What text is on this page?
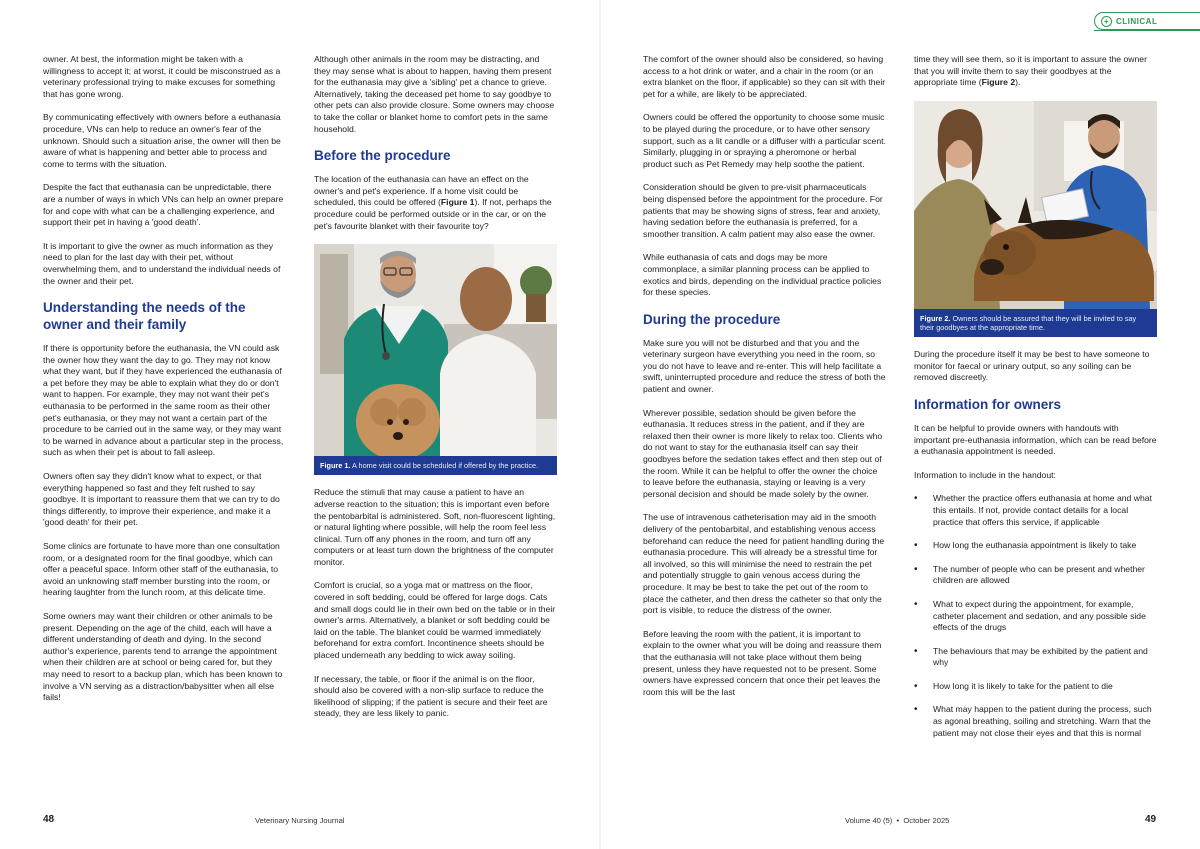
+ CLINICAL

owner. At best, the information might be taken with a willingness to accept it; at worst, it could be misconstrued as a veterinary professional trying to make excuses for something that has gone wrong.

By communicating effectively with owners before a euthanasia procedure, VNs can help to reduce an owner's fear of the unknown. Should such a situation arise, the owner will then be aware of what is happening and better able to process and come to terms with the situation.

Despite the fact that euthanasia can be unpredictable, there are a number of ways in which VNs can help an owner prepare for and cope with what can be a challenging experience, and support their pet in having a 'good death'.

It is important to give the owner as much information as they need to plan for the last day with their pet, without overwhelming them, and to understand the individual needs of the owner and their pet.

Understanding the needs of the owner and their family

If there is opportunity before the euthanasia, the VN could ask the owner how they want the day to go. They may not know what they want, but if they have experienced the euthanasia of a pet before they may be able to explain what they do or don't want to happen. For example, they may not want their pet's euthanasia to be performed in the same room as their other pet's euthanasia, or they may not want a certain part of the procedure to be carried out in the same way, or they may want to be warned in advance about a particular step in the process, such as when their pet is about to fall asleep.

Owners often say they didn't know what to expect, or that everything happened so fast and they felt rushed to say goodbye. It is important to reassure them that we can try to do things differently, to improve their experience, and make it a 'good death' for their pet.

Some clinics are fortunate to have more than one consultation room, or a designated room for the final goodbye, which can offer a peaceful space. Inform other staff of the euthanasia, to avoid an unknowing staff member bursting into the room, or hearing laughter from the lunch room, at this delicate time.

Some owners may want their children or other animals to be present. Depending on the age of the child, each will have a different understanding of death and dying. In the second author's experience, parents tend to arrange the appointment when their children are at school or being cared for, but they may need to resort to a backup plan, which has been known to involve a VN serving as a distraction/babysitter when all else fails!

Although other animals in the room may be distracting, and they may sense what is about to happen, having them present for the euthanasia may give a 'sibling' pet a chance to grieve. Alternatively, taking the deceased pet home to say goodbye to other pets can also provide closure. Some owners may choose to take the collar or blanket home to comfort pets in the same household.

Before the procedure

The location of the euthanasia can have an effect on the owner's and pet's experience. If a home visit could be scheduled, this could be offered (Figure 1). If not, perhaps the procedure could be performed outside or in the car, or on the pet's favourite blanket with their favourite toy?

Figure 1. A home visit could be scheduled if offered by the practice.

Reduce the stimuli that may cause a patient to have an adverse reaction to the situation; this is important even before the pentobarbital is administered. Soft, non-fluorescent lighting, or natural lighting where possible, will help the room feel less clinical. Turn off any phones in the room, and turn off any computers or at least turn down the brightness of the computer monitor.

Comfort is crucial, so a yoga mat or mattress on the floor, covered in soft bedding, could be offered for large dogs. Cats and small dogs could lie in their own bed on the table or in their owner's arms. Alternatively, a blanket or soft bedding could be laid on the table. The blanket could be warmed immediately beforehand for extra comfort. Incontinence sheets should be placed underneath any bedding to wick away soiling.

If necessary, the table, or floor if the animal is on the floor, should also be covered with a non-slip surface to reduce the likelihood of slipping; if the patient is secure and their feet are steady, they are less likely to panic.

The comfort of the owner should also be considered, so having access to a hot drink or water, and a chair in the room (or an extra blanket on the floor, if applicable) so they can sit with their pet for a while, are likely to be appreciated.

Owners could be offered the opportunity to choose some music to be played during the procedure, or to have other sensory support, such as a lit candle or a diffuser with a particular scent. Similarly, plugging in or spraying a pheromone or herbal product such as Pet Remedy may help soothe the patient.

Consideration should be given to pre-visit pharmaceuticals being dispensed before the appointment for the procedure. For patients that may be showing signs of stress, fear and anxiety, having sedation before the euthanasia is preferred, for a smoother transition. A calm patient may also ease the owner.

While euthanasia of cats and dogs may be more commonplace, a similar planning process can be applied to exotics and birds, depending on the individual practice policies for these species.

During the procedure

Make sure you will not be disturbed and that you and the veterinary surgeon have everything you need in the room, so you do not have to leave and re-enter. This will help facilitate a swift, uninterrupted procedure and reduce the stress of both the patient and owner.

Wherever possible, sedation should be given before the euthanasia. It reduces stress in the patient, and if they are relaxed then their owner is more likely to relax too. Clients who do not want to stay for the euthanasia itself can say their goodbyes before the sedation takes effect and then step out of the room. While it can be helpful to offer the owner the choice to leave before the euthanasia, staying or leaving is a very personal decision and should be made solely by the owner.

The use of intravenous catheterisation may aid in the smooth delivery of the pentobarbital, and establishing venous access beforehand can reduce the need for patient handling during the euthanasia procedure. This will already be a stressful time for all involved, so this will minimise the need to restrain the pet and potentially struggle to gain venous access during the procedure. It may be best to take the pet out of the room to place the catheter, and then dress the catheter so that only the port is visible, to reduce the distress of the owner.

Before leaving the room with the patient, it is important to explain to the owner what you will be doing and reassure them that the euthanasia will not take place without them being present, unless they have requested not to be present. Some owners have expressed concern that once their pet leaves the room this will be the last

time they will see them, so it is important to assure the owner that you will invite them to say their goodbyes at the appropriate time (Figure 2).

Figure 2. Owners should be assured that they will be invited to say their goodbyes at the appropriate time.

During the procedure itself it may be best to have someone to monitor for faecal or urinary output, so any soiling can be removed discreetly.

Information for owners

It can be helpful to provide owners with handouts with important pre-euthanasia information, which can be read before a euthanasia appointment is needed.

Information to include in the handout:

• Whether the practice offers euthanasia at home and what this entails. If not, provide contact details for a local practice that offers this service, if applicable
• How long the euthanasia appointment is likely to take
• The number of people who can be present and whether children are allowed
• What to expect during the appointment, for example, catheter placement and sedation, and any possible side effects of the drugs
• The behaviours that may be exhibited by the patient and why
• How long it is likely to take for the patient to die
• What may happen to the patient during the process, such as agonal breathing, soiling and stretching. Warn that the patient may not close their eyes and that this is normal
48	Veterinary Nursing Journal	Volume 40 (5)  •  October 2025	49
